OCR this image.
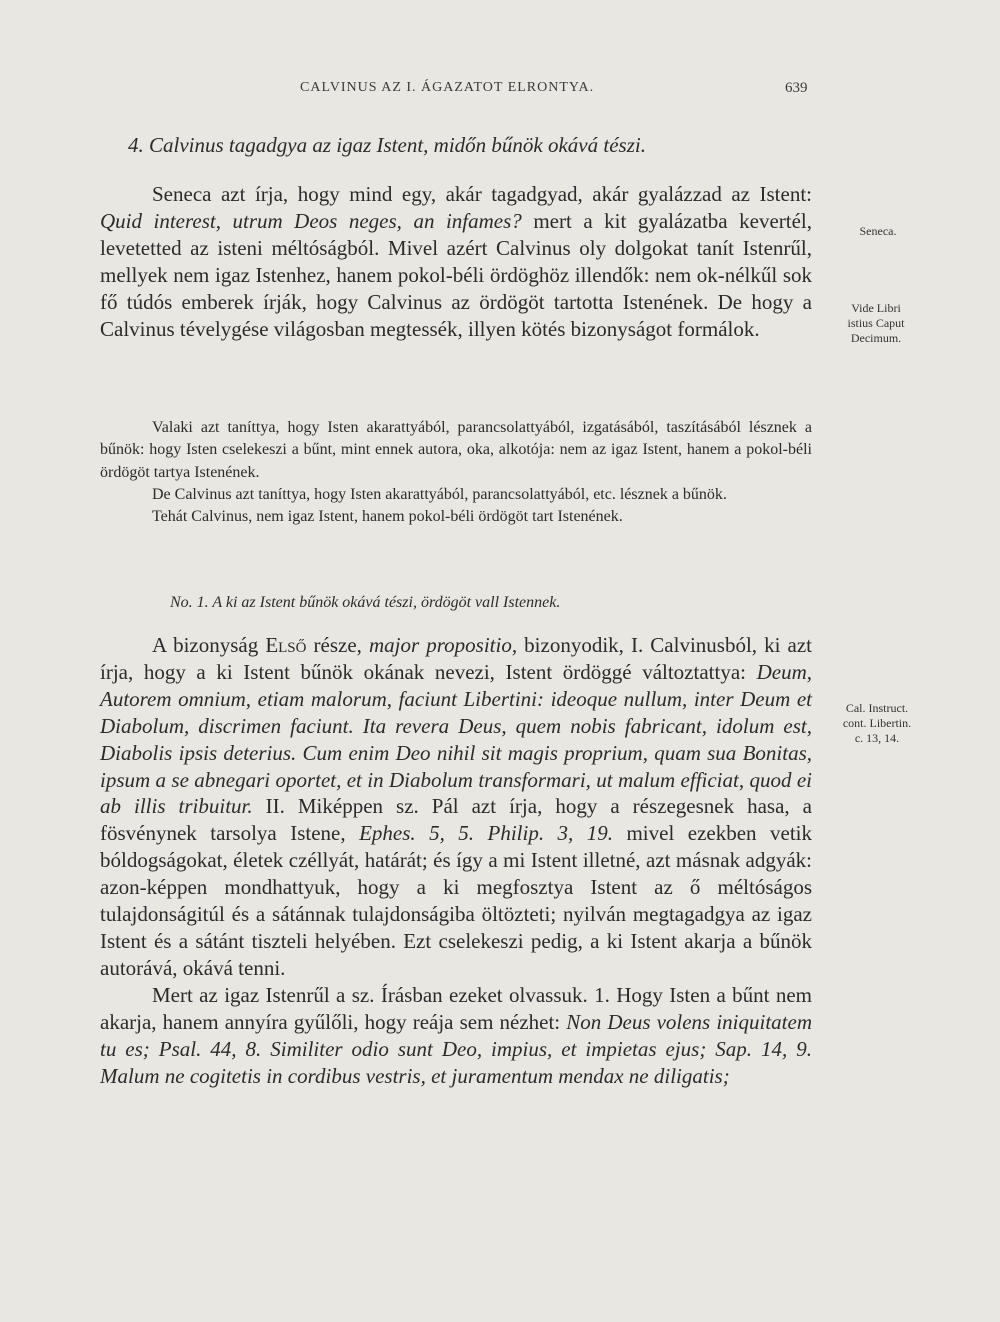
CALVINUS AZ I. ÁGAZATOT ELRONTYA.	639
4. Calvinus tagadgya az igaz Istent, midőn bűnök okává tészi.

Seneca azt írja, hogy mind egy, akár tagadgyad, akár gyalázzad az Istent: Quid interest, utrum Deos neges, an infames? mert a kit gyalázatba kevertél, levetetted az isteni méltóságból. Mivel azért Calvinus oly dolgokat tanít Istenrűl, mellyek nem igaz Istenhez, hanem pokol-béli ördöghöz illendők: nem ok-nélkűl sok fő túdós emberek írják, hogy Calvinus az ördögöt tartotta Istenének. De hogy a Calvinus tévelygése világosban megtessék, illyen kötés bizonyságot formálok.

Valaki azt taníttya, hogy Isten akarattyából, parancsolattyából, izgatásából, taszításából lésznek a bűnök: hogy Isten cselekeszi a bűnt, mint ennek autora, oka, alkotója: nem az igaz Istent, hanem a pokol-béli ördögöt tartya Istenének.

De Calvinus azt taníttya, hogy Isten akarattyából, parancsolattyából, etc. lésznek a bűnök.

Tehát Calvinus, nem igaz Istent, hanem pokol-béli ördögöt tart Istenének.

No. 1. A ki az Istent bűnök okává tészi, ördögöt vall Istennek.

A bizonyság Első része, major propositio, bizonyodik, I. Calvinusból, ki azt írja, hogy a ki Istent bűnök okának nevezi, Istent ördöggé változtattya: Deum, Autorem omnium, etiam malorum, faciunt Libertini: ideoque nullum, inter Deum et Diabolum, discrimen faciunt. Ita revera Deus, quem nobis fabricant, idolum est, Diabolis ipsis deterius. Cum enim Deo nihil sit magis proprium, quam sua Bonitas, ipsum a se abnegari oportet, et in Diabolum transformari, ut malum efficiat, quod ei ab illis tribuitur. II. Miképpen sz. Pál azt írja, hogy a részegesnek hasa, a fösvénynek tarsolya Istene, Ephes. 5, 5. Philip. 3, 19. mivel ezekben vetik bóldogságokat, életek czéllyát, határát; és így a mi Istent illetné, azt másnak adgyák: azon-képpen mondhattyuk, hogy a ki megfosztya Istent az ő méltóságos tulajdonságitúl és a sátánnak tulajdonságiba öltözteti; nyilván megtagadgya az igaz Istent és a sátánt tiszteli helyében. Ezt cselekeszi pedig, a ki Istent akarja a bűnök autorává, okává tenni.

Mert az igaz Istenrűl a sz. Írásban ezeket olvassuk. 1. Hogy Isten a bűnt nem akarja, hanem annyíra gyűlőli, hogy reája sem nézhet: Non Deus volens iniquitatem tu es; Psal. 44, 8. Similiter odio sunt Deo, impius, et impietas ejus; Sap. 14, 9. Malum ne cogitetis in cordibus vestris, et juramentum mendax ne diligatis;

Seneca.
Vide Libri
istius Caput
Decimum.
Cal. Instruct.
cont. Libertin.
c. 13, 14.
